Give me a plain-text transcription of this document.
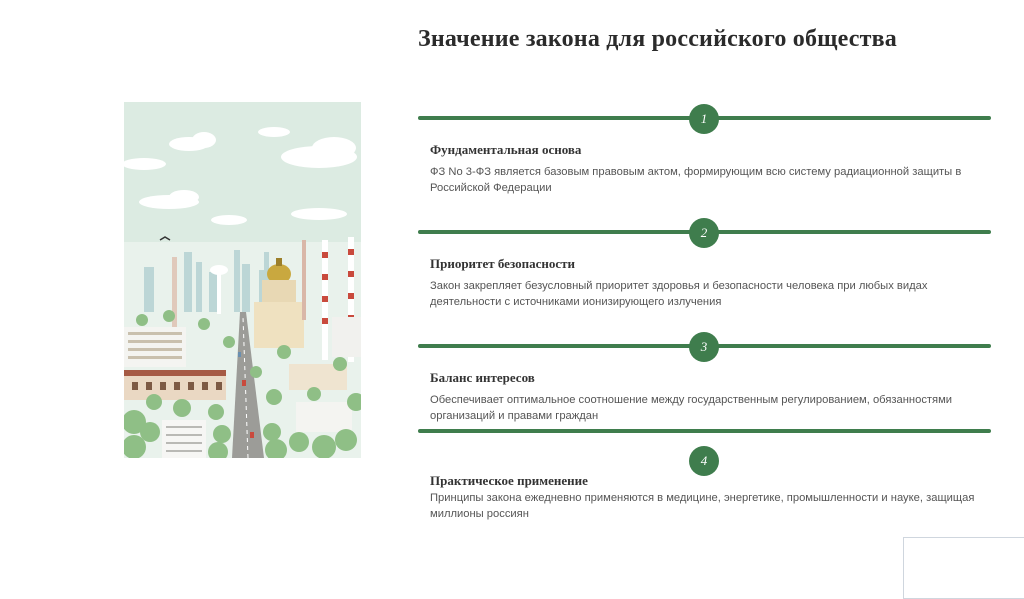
Значение закона для российского общества
1
Фундаментальная основа
ФЗ No 3-ФЗ является базовым правовым актом, формирующим всю систему радиационной защиты в Российской Федерации
2
Приоритет безопасности
Закон закрепляет безусловный приоритет здоровья и безопасности человека при любых видах деятельности с источниками ионизирующего излучения
3
Баланс интересов
Обеспечивает оптимальное соотношение между государственным регулированием, обязанностями организаций и правами граждан
4
Практическое применение
Принципы закона ежедневно применяются в медицине, энергетике, промышленности и науке, защищая миллионы россиян
